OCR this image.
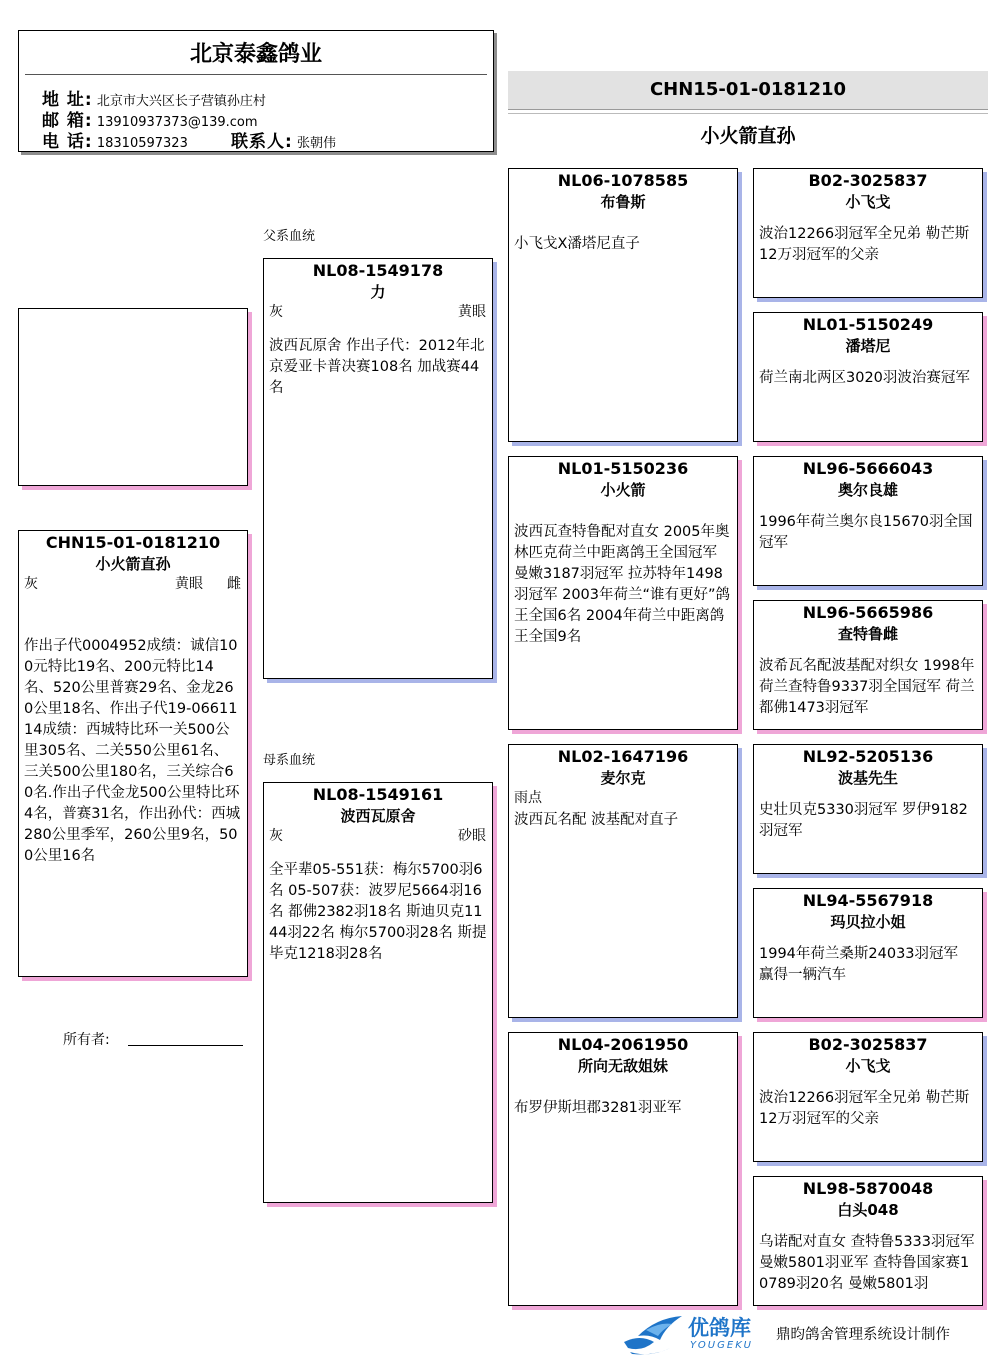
北京泰鑫鸽业
地 址: 北京市大兴区长子营镇孙庄村
邮 箱: 13910937373@139.com
电 话: 18310597323	联系人: 张朝伟
CHN15-01-0181210
小火箭直孙
父系血统
母系血统
CHN15-01-0181210
小火箭直孙
灰	黄眼 雌
作出子代0004952成绩：诚信100元特比19名、200元特比14名、520公里普赛29名、金龙260公里18名、作出子代19-0661114成绩：西城特比环一关500公里305名、二关550公里61名、三关500公里180名，三关综合60名.作出子代金龙500公里特比环4名，普赛31名，作出孙代：西城280公里季军，260公里9名，500公里16名
所有者:
NL08-1549178
力
灰	黄眼
波西瓦原舍 作出子代：2012年北京爱亚卡普决赛108名 加战赛44名
NL08-1549161
波西瓦原舍
灰	砂眼
全平辈05-551获：梅尔5700羽6名 05-507获：波罗尼5664羽16名 都佛2382羽18名 斯迪贝克1144羽22名 梅尔5700羽28名 斯提毕克1218羽28名
NL06-1078585
布鲁斯
小飞戈X潘塔尼直子
NL01-5150236
小火箭
波西瓦查特鲁配对直女 2005年奥林匹克荷兰中距离鸽王全国冠军 曼嫩3187羽冠军 拉苏特年1498羽冠军 2003年荷兰“谁有更好”鸽王全国6名 2004年荷兰中距离鸽王全国9名
NL02-1647196
麦尔克
雨点
波西瓦名配 波基配对直子
NL04-2061950
所向无敌姐妹
布罗伊斯坦郡3281羽亚军
B02-3025837
小飞戈
波治12266羽冠军全兄弟 勒芒斯12万羽冠军的父亲
NL01-5150249
潘塔尼
荷兰南北两区3020羽波治赛冠军
NL96-5666043
奥尔良雄
1996年荷兰奥尔良15670羽全国冠军
NL96-5665986
查特鲁雌
波希瓦名配波基配对织女 1998年荷兰查特鲁9337羽全国冠军 荷兰都佛1473羽冠军
NL92-5205136
波基先生
史壮贝克5330羽冠军 罗伊9182羽冠军
NL94-5567918
玛贝拉小姐
1994年荷兰桑斯24033羽冠军 赢得一辆汽车
B02-3025837
小飞戈
波治12266羽冠军全兄弟 勒芒斯12万羽冠军的父亲
NL98-5870048
白头048
乌诺配对直女 查特鲁5333羽冠军 曼嫩5801羽亚军 查特鲁国家赛10789羽20名 曼嫩5801羽
优鸽库
YOUGEKU
鼎昀鸽舍管理系统设计制作
